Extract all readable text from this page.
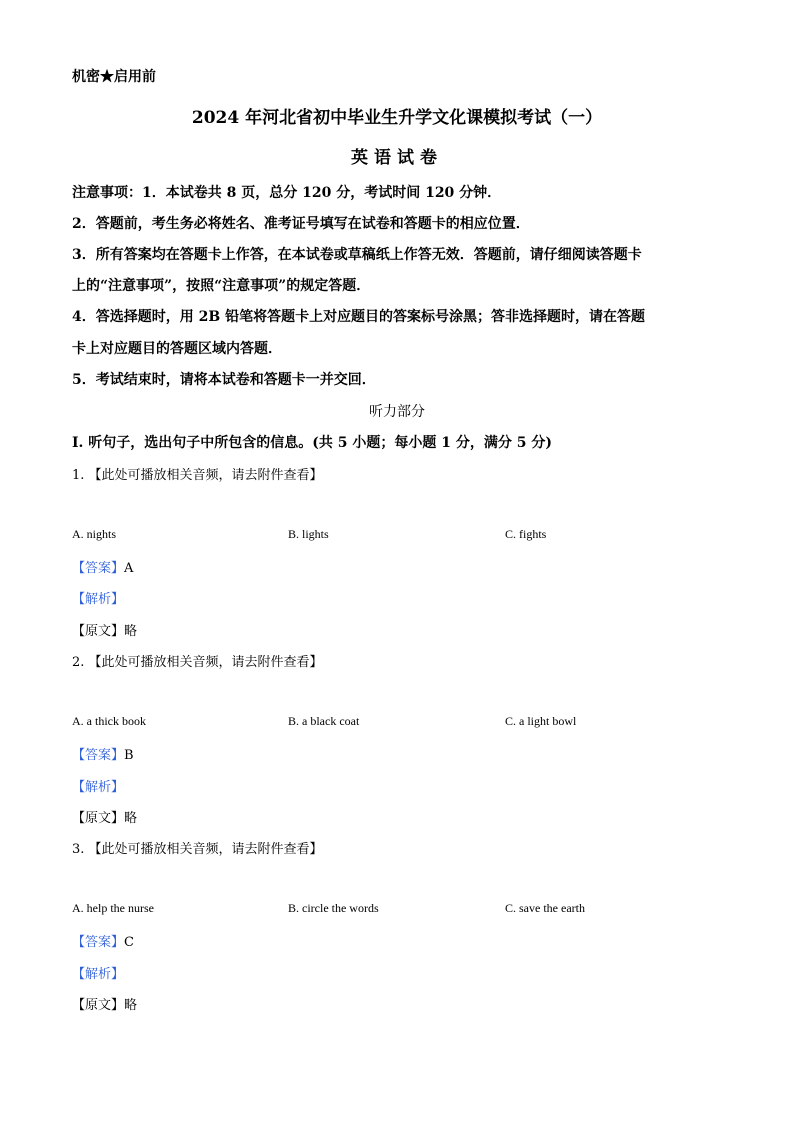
机密★启用前
2024 年河北省初中毕业生升学文化课模拟考试（一）
英语试卷
注意事项：1．本试卷共 8 页，总分 120 分，考试时间 120 分钟．
2．答题前，考生务必将姓名、准考证号填写在试卷和答题卡的相应位置．
3．所有答案均在答题卡上作答，在本试卷或草稿纸上作答无效．答题前，请仔细阅读答题卡
上的“注意事项”，按照“注意事项”的规定答题．
4．答选择题时，用 2B 铅笔将答题卡上对应题目的答案标号涂黑；答非选择题时，请在答题
卡上对应题目的答题区域内答题．
5．考试结束时，请将本试卷和答题卡一并交回．
听力部分
I. 听句子，选出句子中所包含的信息。(共 5 小题；每小题 1 分，满分 5 分)
1. 【此处可播放相关音频，请去附件查看】
A. nights	B. lights	C. fights
【答案】A
【解析】
【原文】略
2. 【此处可播放相关音频，请去附件查看】
A. a thick book	B. a black coat	C. a light bowl
【答案】B
【解析】
【原文】略
3. 【此处可播放相关音频，请去附件查看】
A. help the nurse	B. circle the words	C. save the earth
【答案】C
【解析】
【原文】略
